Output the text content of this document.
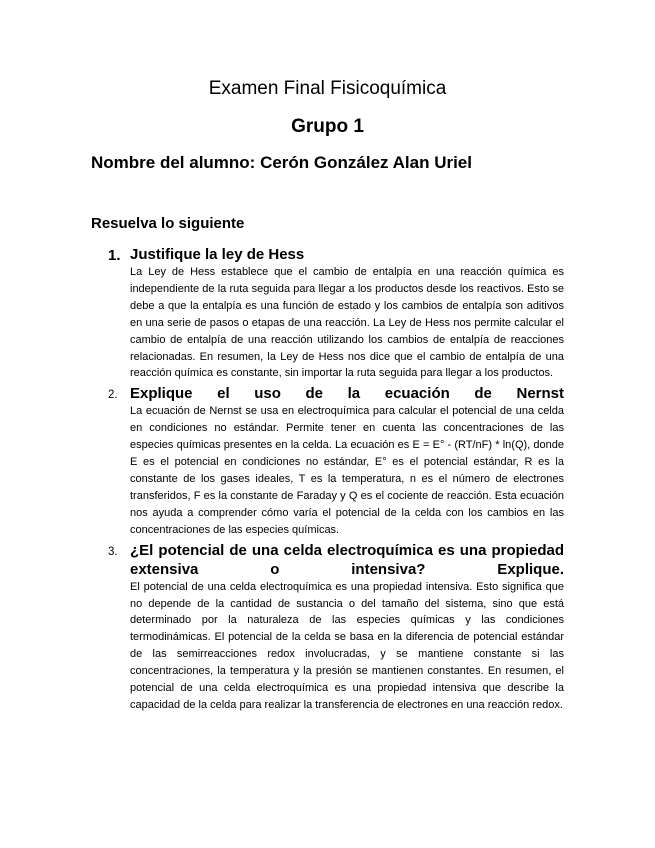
Examen Final Fisicoquímica
Grupo 1

Nombre del alumno: Cerón González Alan Uriel

Resuelva lo siguiente

1. Justifique la ley de Hess

La Ley de Hess establece que el cambio de entalpía en una reacción química es independiente de la ruta seguida para llegar a los productos desde los reactivos. Esto se debe a que la entalpía es una función de estado y los cambios de entalpía son aditivos en una serie de pasos o etapas de una reacción. La Ley de Hess nos permite calcular el cambio de entalpía de una reacción utilizando los cambios de entalpía de reacciones relacionadas. En resumen, la Ley de Hess nos dice que el cambio de entalpía de una reacción química es constante, sin importar la ruta seguida para llegar a los productos.

2. Explique el uso de la ecuación de Nernst

La ecuación de Nernst se usa en electroquímica para calcular el potencial de una celda en condiciones no estándar. Permite tener en cuenta las concentraciones de las especies químicas presentes en la celda. La ecuación es E = E° - (RT/nF) * ln(Q), donde E es el potencial en condiciones no estándar, E° es el potencial estándar, R es la constante de los gases ideales, T es la temperatura, n es el número de electrones transferidos, F es la constante de Faraday y Q es el cociente de reacción. Esta ecuación nos ayuda a comprender cómo varía el potencial de la celda con los cambios en las concentraciones de las especies químicas.

3. ¿El potencial de una celda electroquímica es una propiedad extensiva o intensiva? Explique.

El potencial de una celda electroquímica es una propiedad intensiva. Esto significa que no depende de la cantidad de sustancia o del tamaño del sistema, sino que está determinado por la naturaleza de las especies químicas y las condiciones termodinámicas. El potencial de la celda se basa en la diferencia de potencial estándar de las semirreacciones redox involucradas, y se mantiene constante si las concentraciones, la temperatura y la presión se mantienen constantes. En resumen, el potencial de una celda electroquímica es una propiedad intensiva que describe la capacidad de la celda para realizar la transferencia de electrones en una reacción redox.
